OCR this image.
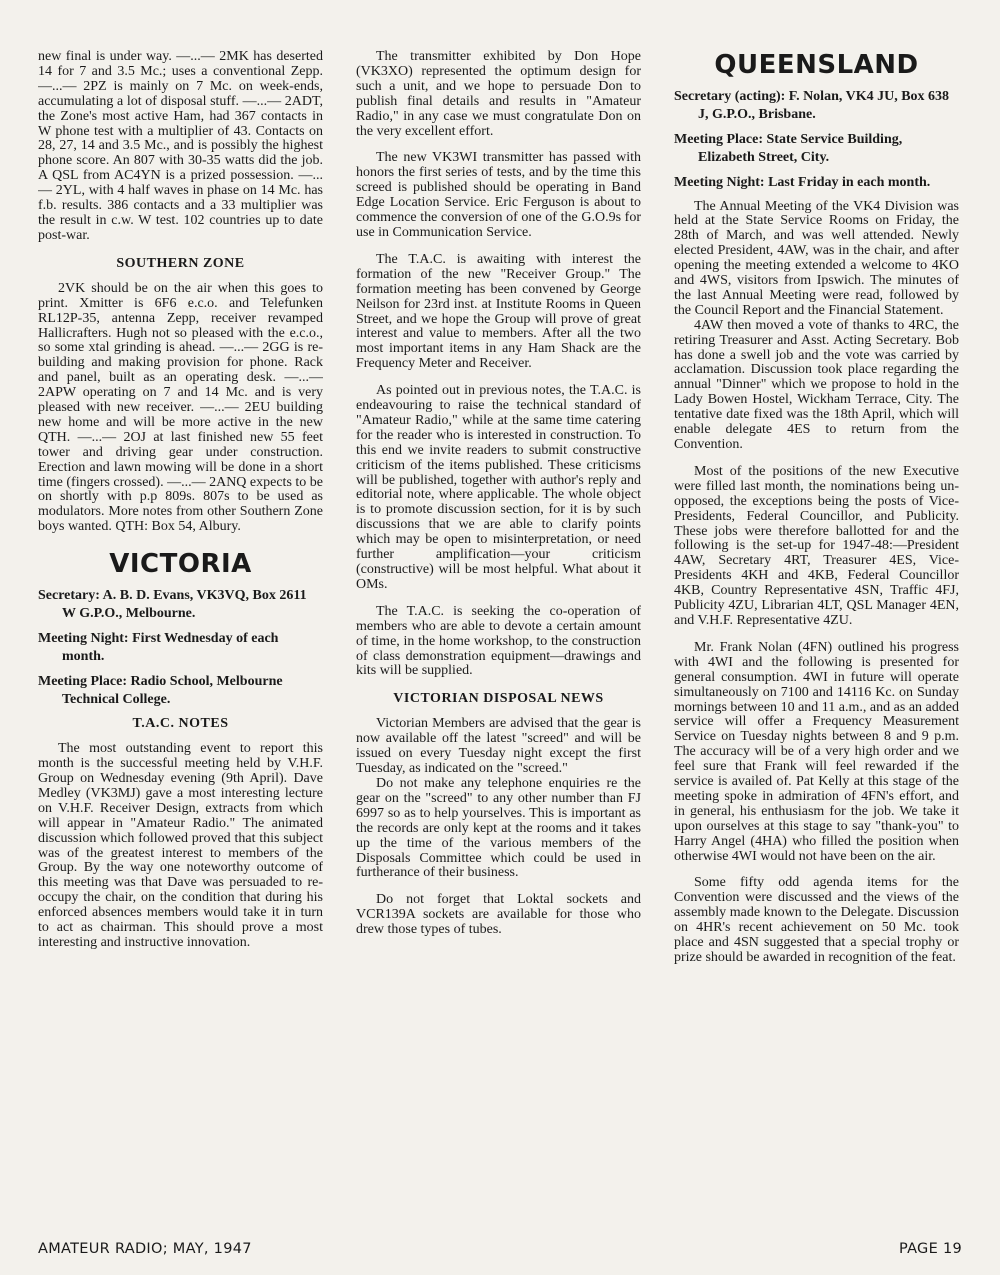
new final is under way. —...— 2MK has deserted 14 for 7 and 3.5 Mc.; uses a conventional Zepp. —...— 2PZ is mainly on 7 Mc. on week-ends, accumulating a lot of disposal stuff. —...— 2ADT, the Zone's most active Ham, had 367 contacts in W phone test with a multiplier of 43. Contacts on 28, 27, 14 and 3.5 Mc., and is possibly the highest phone score. An 807 with 30-35 watts did the job. A QSL from AC4YN is a prized possession. —...— 2YL, with 4 half waves in phase on 14 Mc. has f.b. results. 386 contacts and a 33 multiplier was the result in c.w. W test. 102 countries up to date post-war.

SOUTHERN ZONE

2VK should be on the air when this goes to print. Xmitter is 6F6 e.c.o. and Telefunken RL12P-35, antenna Zepp, receiver revamped Hallicrafters. Hugh not so pleased with the e.c.o., so some xtal grinding is ahead. —...— 2GG is re-building and making provision for phone. Rack and panel, built as an operating desk. —...— 2APW operating on 7 and 14 Mc. and is very pleased with new receiver. —...— 2EU building new home and will be more active in the new QTH. —...— 2OJ at last finished new 55 feet tower and driving gear under construction. Erection and lawn mowing will be done in a short time (fingers crossed). —...— 2ANQ expects to be on shortly with p.p 809s. 807s to be used as modulators. More notes from other Southern Zone boys wanted. QTH: Box 54, Albury.

VICTORIA

Secretary: A. B. D. Evans, VK3VQ, Box 2611 W G.P.O., Melbourne.

Meeting Night: First Wednesday of each month.

Meeting Place: Radio School, Melbourne Technical College.

T.A.C. NOTES

The most outstanding event to report this month is the successful meeting held by V.H.F. Group on Wednesday evening (9th April). Dave Medley (VK3MJ) gave a most interesting lecture on V.H.F. Receiver Design, extracts from which will appear in "Amateur Radio." The animated discussion which followed proved that this subject was of the greatest interest to members of the Group. By the way one noteworthy outcome of this meeting was that Dave was persuaded to re-occupy the chair, on the condition that during his enforced absences members would take it in turn to act as chairman. This should prove a most interesting and instructive innovation.

The transmitter exhibited by Don Hope (VK3XO) represented the optimum design for such a unit, and we hope to persuade Don to publish final details and results in "Amateur Radio," in any case we must congratulate Don on the very excellent effort.

The new VK3WI transmitter has passed with honors the first series of tests, and by the time this screed is published should be operating in Band Edge Location Service. Eric Ferguson is about to commence the conversion of one of the G.O.9s for use in Communication Service.

The T.A.C. is awaiting with interest the formation of the new "Receiver Group." The formation meeting has been convened by George Neilson for 23rd inst. at Institute Rooms in Queen Street, and we hope the Group will prove of great interest and value to members. After all the two most important items in any Ham Shack are the Frequency Meter and Receiver.

As pointed out in previous notes, the T.A.C. is endeavouring to raise the technical standard of "Amateur Radio," while at the same time catering for the reader who is interested in construction. To this end we invite readers to submit constructive criticism of the items published. These criticisms will be published, together with author's reply and editorial note, where applicable. The whole object is to promote discussion section, for it is by such discussions that we are able to clarify points which may be open to misinterpretation, or need further amplification—your criticism (constructive) will be most helpful. What about it OMs.

The T.A.C. is seeking the co-operation of members who are able to devote a certain amount of time, in the home workshop, to the construction of class demonstration equipment—drawings and kits will be supplied.

VICTORIAN DISPOSAL NEWS

Victorian Members are advised that the gear is now available off the latest "screed" and will be issued on every Tuesday night except the first Tuesday, as indicated on the "screed."

Do not make any telephone enquiries re the gear on the "screed" to any other number than FJ 6997 so as to help yourselves. This is important as the records are only kept at the rooms and it takes up the time of the various members of the Disposals Committee which could be used in furtherance of their business.

Do not forget that Loktal sockets and VCR139A sockets are available for those who drew those types of tubes.

QUEENSLAND

Secretary (acting): F. Nolan, VK4 JU, Box 638 J, G.P.O., Brisbane.

Meeting Place: State Service Building, Elizabeth Street, City.

Meeting Night: Last Friday in each month.

The Annual Meeting of the VK4 Division was held at the State Service Rooms on Friday, the 28th of March, and was well attended. Newly elected President, 4AW, was in the chair, and after opening the meeting extended a welcome to 4KO and 4WS, visitors from Ipswich. The minutes of the last Annual Meeting were read, followed by the Council Report and the Financial Statement.

4AW then moved a vote of thanks to 4RC, the retiring Treasurer and Asst. Acting Secretary. Bob has done a swell job and the vote was carried by acclamation. Discussion took place regarding the annual "Dinner" which we propose to hold in the Lady Bowen Hostel, Wickham Terrace, City. The tentative date fixed was the 18th April, which will enable delegate 4ES to return from the Convention.

Most of the positions of the new Executive were filled last month, the nominations being un-opposed, the exceptions being the posts of Vice-Presidents, Federal Councillor, and Publicity. These jobs were therefore ballotted for and the following is the set-up for 1947-48:—President 4AW, Secretary 4RT, Treasurer 4ES, Vice-Presidents 4KH and 4KB, Federal Councillor 4KB, Country Representative 4SN, Traffic 4FJ, Publicity 4ZU, Librarian 4LT, QSL Manager 4EN, and V.H.F. Representative 4ZU.

Mr. Frank Nolan (4FN) outlined his progress with 4WI and the following is presented for general consumption. 4WI in future will operate simultaneously on 7100 and 14116 Kc. on Sunday mornings between 10 and 11 a.m., and as an added service will offer a Frequency Measurement Service on Tuesday nights between 8 and 9 p.m. The accuracy will be of a very high order and we feel sure that Frank will feel rewarded if the service is availed of. Pat Kelly at this stage of the meeting spoke in admiration of 4FN's effort, and in general, his enthusiasm for the job. We take it upon ourselves at this stage to say "thank-you" to Harry Angel (4HA) who filled the position when otherwise 4WI would not have been on the air.

Some fifty odd agenda items for the Convention were discussed and the views of the assembly made known to the Delegate. Discussion on 4HR's recent achievement on 50 Mc. took place and 4SN suggested that a special trophy or prize should be awarded in recognition of the feat.

AMATEUR RADIO; MAY, 1947	PAGE 19
